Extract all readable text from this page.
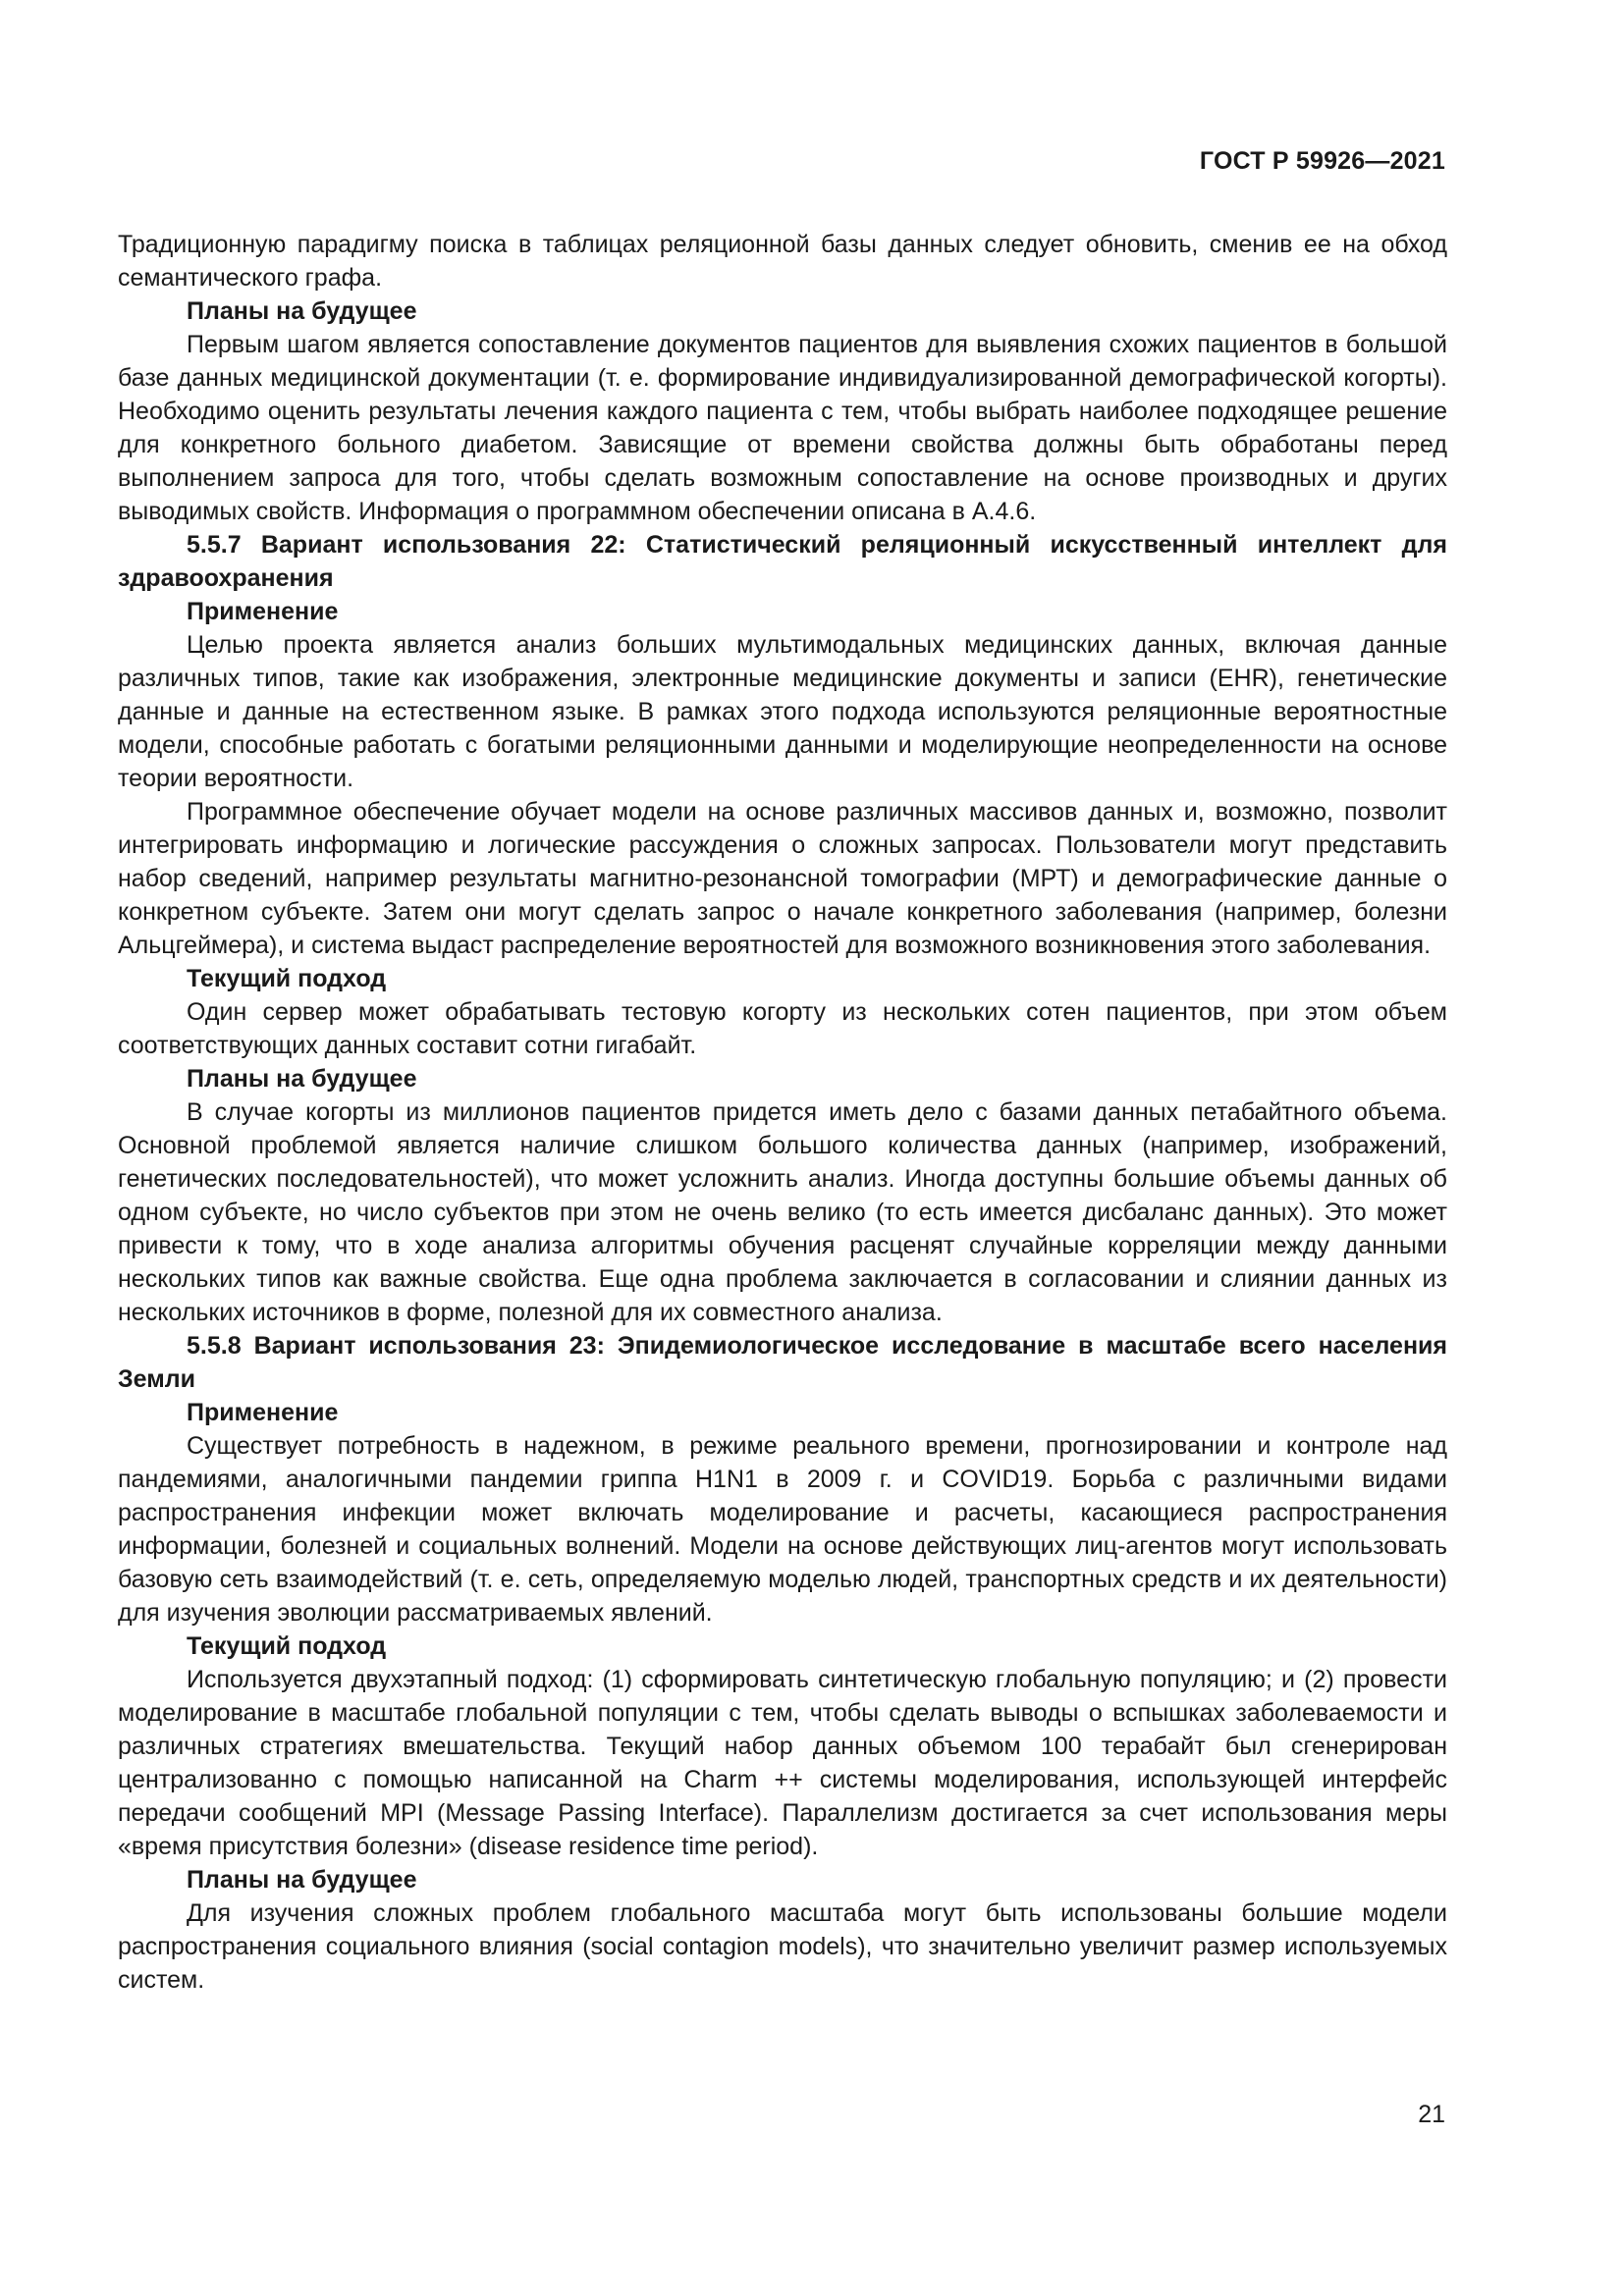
ГОСТ Р 59926—2021

Традиционную парадигму поиска в таблицах реляционной базы данных следует обновить, сменив ее на обход семантического графа.

Планы на будущее

Первым шагом является сопоставление документов пациентов для выявления схожих пациентов в большой базе данных медицинской документации (т. е. формирование индивидуализированной демографической когорты). Необходимо оценить результаты лечения каждого пациента с тем, чтобы выбрать наиболее подходящее решение для конкретного больного диабетом. Зависящие от времени свойства должны быть обработаны перед выполнением запроса для того, чтобы сделать возможным сопоставление на основе производных и других выводимых свойств. Информация о программном обеспечении описана в А.4.6.

5.5.7 Вариант использования 22: Статистический реляционный искусственный интеллект для здравоохранения

Применение

Целью проекта является анализ больших мультимодальных медицинских данных, включая данные различных типов, такие как изображения, электронные медицинские документы и записи (EHR), генетические данные и данные на естественном языке. В рамках этого подхода используются реляционные вероятностные модели, способные работать с богатыми реляционными данными и моделирующие неопределенности на основе теории вероятности.

Программное обеспечение обучает модели на основе различных массивов данных и, возможно, позволит интегрировать информацию и логические рассуждения о сложных запросах. Пользователи могут представить набор сведений, например результаты магнитно-резонансной томографии (МРТ) и демографические данные о конкретном субъекте. Затем они могут сделать запрос о начале конкретного заболевания (например, болезни Альцгеймера), и система выдаст распределение вероятностей для возможного возникновения этого заболевания.

Текущий подход

Один сервер может обрабатывать тестовую когорту из нескольких сотен пациентов, при этом объем соответствующих данных составит сотни гигабайт.

Планы на будущее

В случае когорты из миллионов пациентов придется иметь дело с базами данных петабайтного объема. Основной проблемой является наличие слишком большого количества данных (например, изображений, генетических последовательностей), что может усложнить анализ. Иногда доступны большие объемы данных об одном субъекте, но число субъектов при этом не очень велико (то есть имеется дисбаланс данных). Это может привести к тому, что в ходе анализа алгоритмы обучения расценят случайные корреляции между данными нескольких типов как важные свойства. Еще одна проблема заключается в согласовании и слиянии данных из нескольких источников в форме, полезной для их совместного анализа.

5.5.8 Вариант использования 23: Эпидемиологическое исследование в масштабе всего населения Земли

Применение

Существует потребность в надежном, в режиме реального времени, прогнозировании и контроле над пандемиями, аналогичными пандемии гриппа H1N1 в 2009 г. и COVID19. Борьба с различными видами распространения инфекции может включать моделирование и расчеты, касающиеся распространения информации, болезней и социальных волнений. Модели на основе действующих лиц-агентов могут использовать базовую сеть взаимодействий (т. е. сеть, определяемую моделью людей, транспортных средств и их деятельности) для изучения эволюции рассматриваемых явлений.

Текущий подход

Используется двухэтапный подход: (1) сформировать синтетическую глобальную популяцию; и (2) провести моделирование в масштабе глобальной популяции с тем, чтобы сделать выводы о вспышках заболеваемости и различных стратегиях вмешательства. Текущий набор данных объемом 100 терабайт был сгенерирован централизованно с помощью написанной на Charm ++ системы моделирования, использующей интерфейс передачи сообщений MPI (Message Passing Interface). Параллелизм достигается за счет использования меры «время присутствия болезни» (disease residence time period).

Планы на будущее

Для изучения сложных проблем глобального масштаба могут быть использованы большие модели распространения социального влияния (social contagion models), что значительно увеличит размер используемых систем.

21
